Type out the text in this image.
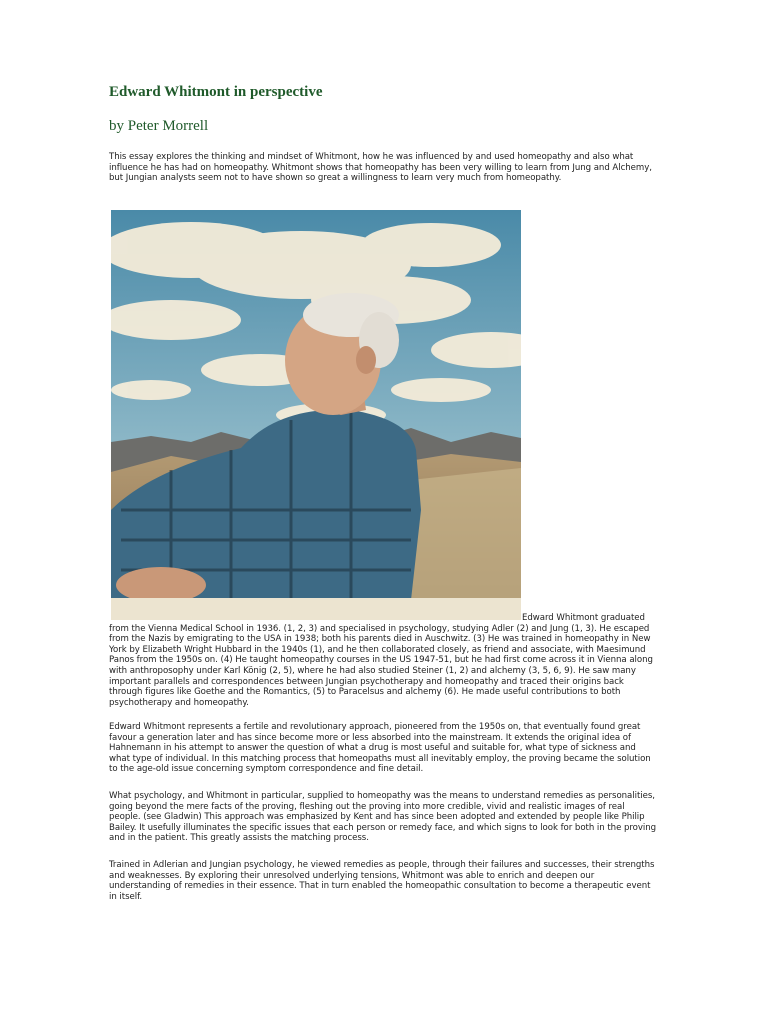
Edward Whitmont in perspective

by Peter Morrell

This essay explores the thinking and mindset of Whitmont, how he was influenced by and used homeopathy and also what influence he has had on homeopathy. Whitmont shows that homeopathy has been very willing to learn from Jung and Alchemy, but Jungian analysts seem not to have shown so great a willingness to learn very much from homeopathy.

Edward Whitmont graduated from the Vienna Medical School in 1936. (1, 2, 3) and specialised in psychology, studying Adler (2) and Jung (1, 3). He escaped from the Nazis by emigrating to the USA in 1938; both his parents died in Auschwitz. (3) He was trained in homeopathy in New York by Elizabeth Wright Hubbard in the 1940s (1), and he then collaborated closely, as friend and associate, with Maesimund Panos from the 1950s on. (4) He taught homeopathy courses in the US 1947-51, but he had first come across it in Vienna along with anthroposophy under Karl König (2, 5), where he had also studied Steiner (1, 2) and alchemy (3, 5, 6, 9). He saw many important parallels and correspondences between Jungian psychotherapy and homeopathy and traced their origins back through figures like Goethe and the Romantics, (5) to Paracelsus and alchemy (6). He made useful contributions to both psychotherapy and homeopathy.

Edward Whitmont represents a fertile and revolutionary approach, pioneered from the 1950s on, that eventually found great favour a generation later and has since become more or less absorbed into the mainstream. It extends the original idea of Hahnemann in his attempt to answer the question of what a drug is most useful and suitable for, what type of sickness and what type of individual. In this matching process that homeopaths must all inevitably employ, the proving became the solution to the age-old issue concerning symptom correspondence and fine detail.

What psychology, and Whitmont in particular, supplied to homeopathy was the means to understand remedies as personalities, going beyond the mere facts of the proving, fleshing out the proving into more credible, vivid and realistic images of real people. (see Gladwin) This approach was emphasized by Kent and has since been adopted and extended by people like Philip Bailey. It usefully illuminates the specific issues that each person or remedy face, and which signs to look for both in the proving and in the patient. This greatly assists the matching process.

Trained in Adlerian and Jungian psychology, he viewed remedies as people, through their failures and successes, their strengths and weaknesses. By exploring their unresolved underlying tensions, Whitmont was able to enrich and deepen our understanding of remedies in their essence. That in turn enabled the homeopathic consultation to become a therapeutic event in itself.
